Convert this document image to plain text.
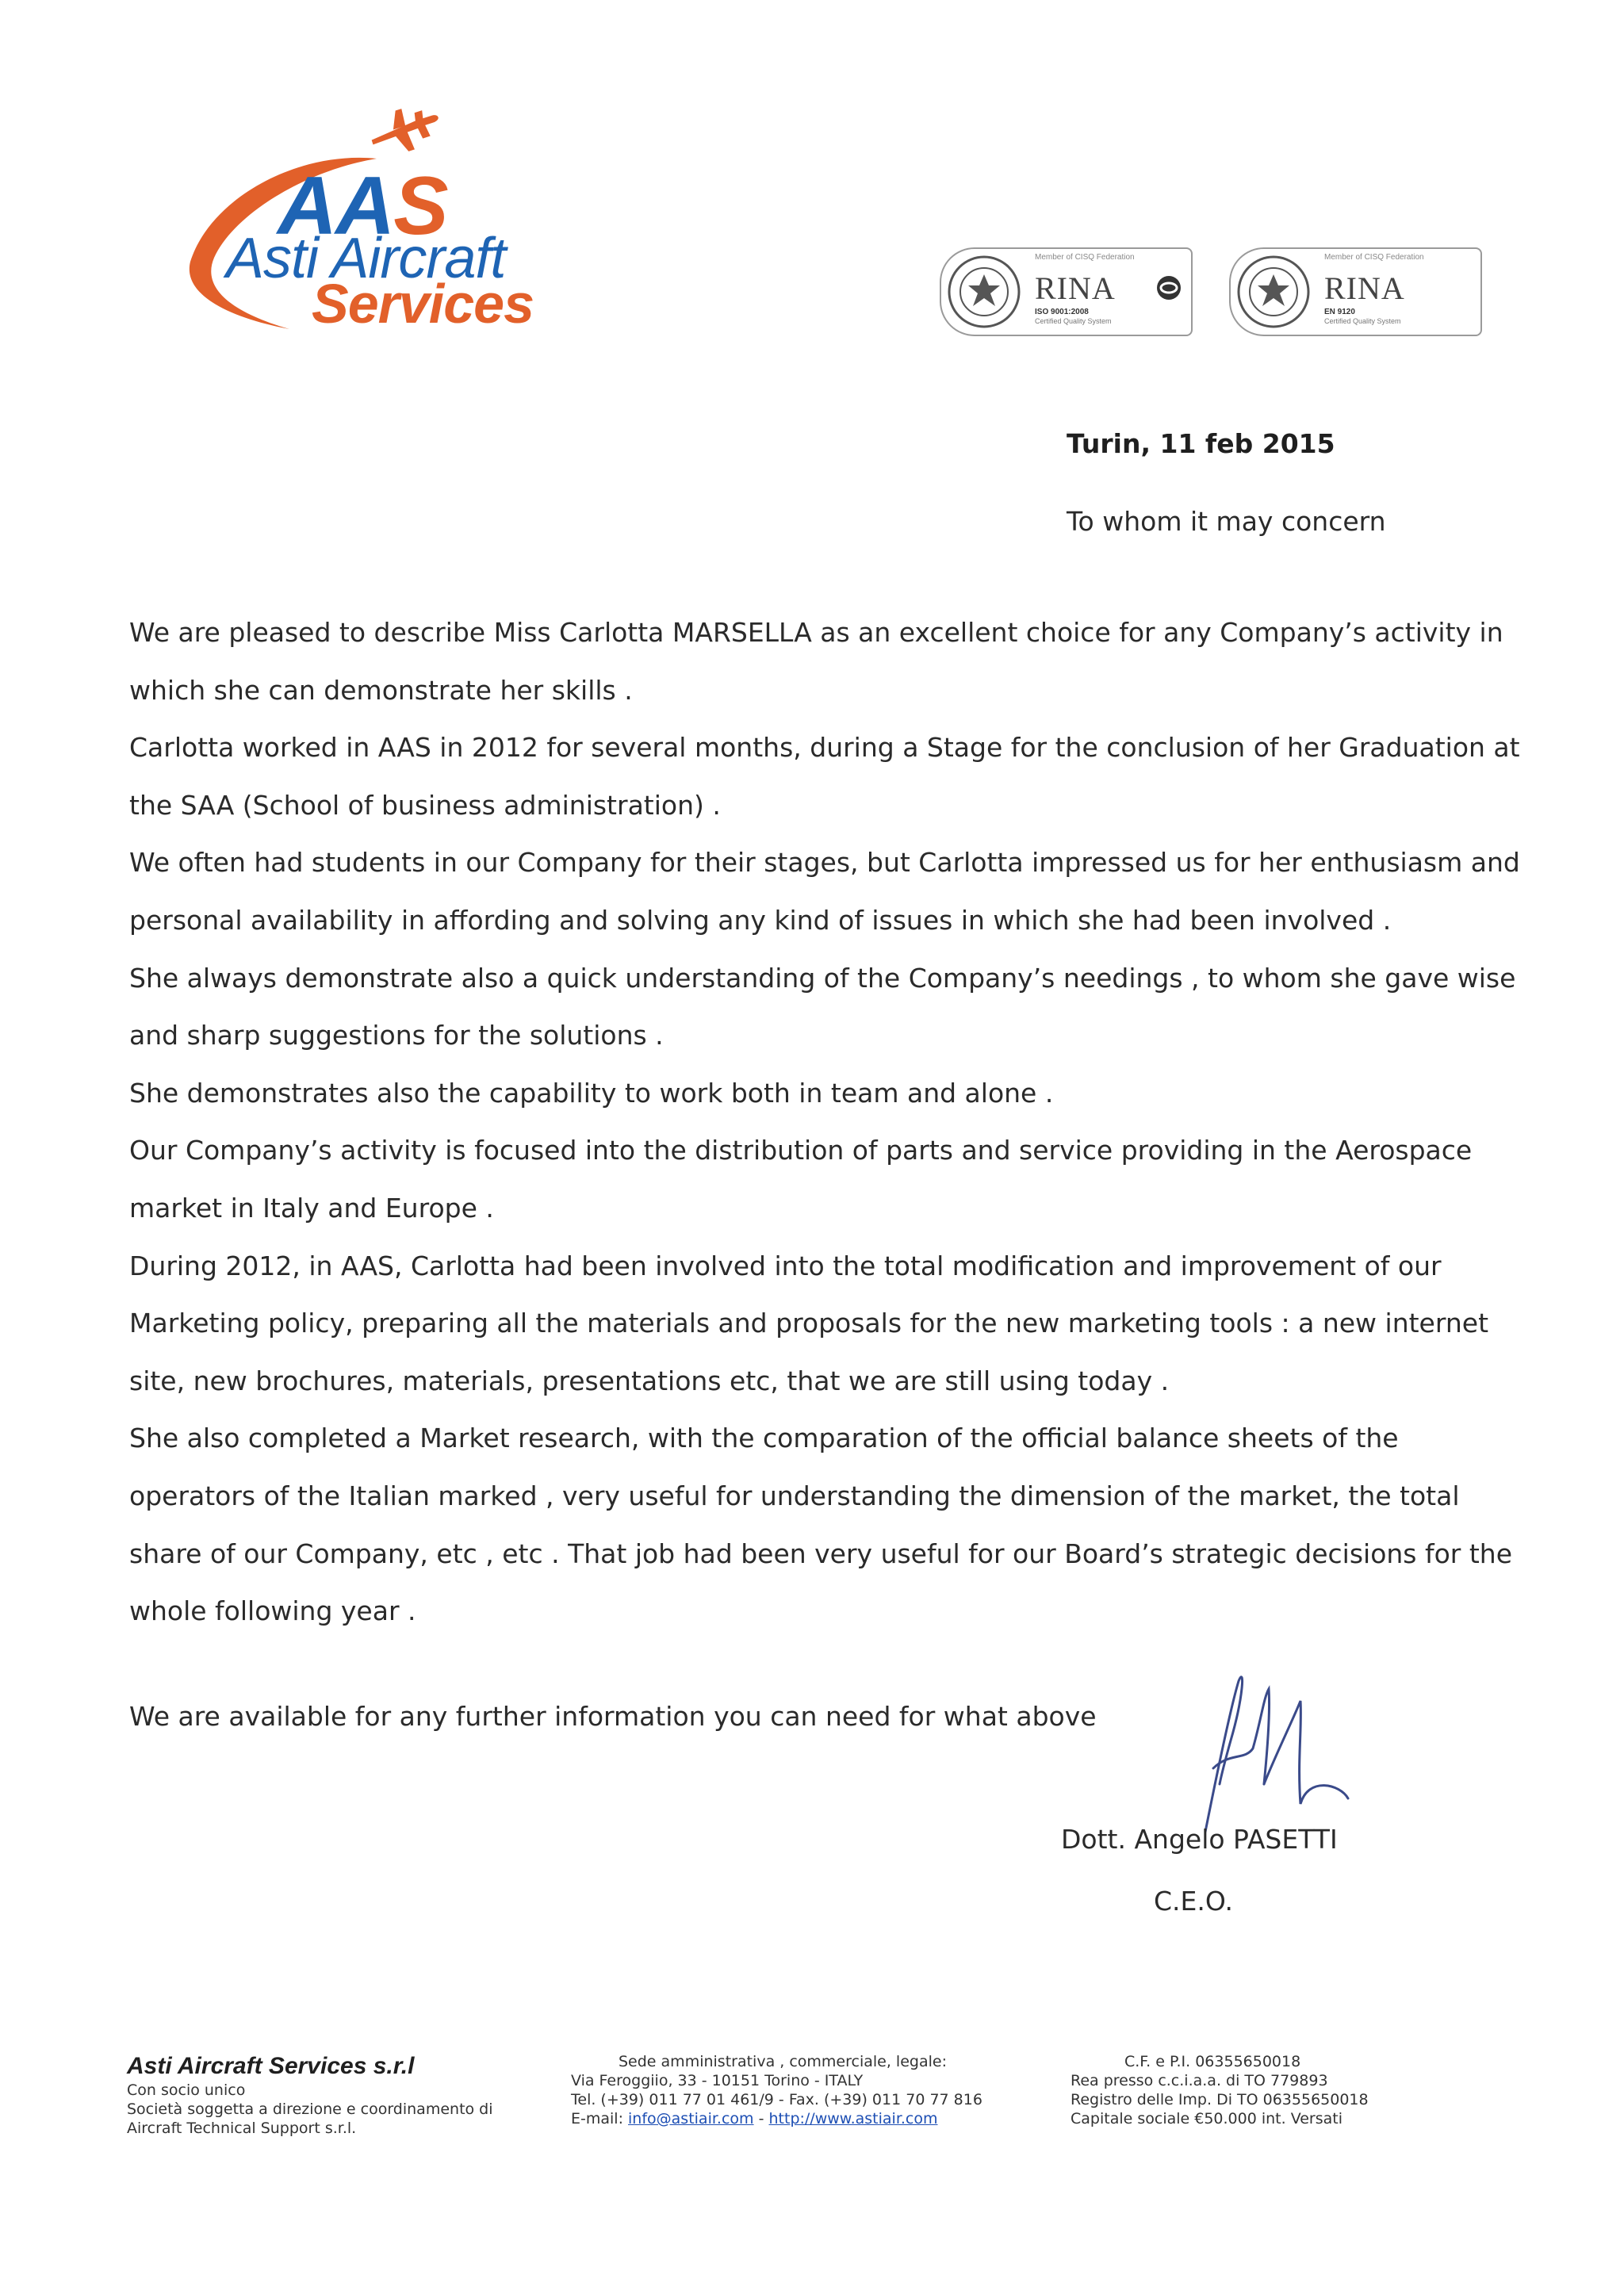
AAS
Asti Aircraft
Services
Member of CISQ Federation
RINA
ISO 9001:2008
Certified Quality System
Member of CISQ Federation
RINA
EN 9120
Certified Quality System
Turin, 11 feb 2015
To whom it may concern

We are pleased to describe Miss Carlotta MARSELLA as an excellent choice for any Company’s activity in which she can demonstrate her skills .

Carlotta worked in AAS in 2012 for several months, during a Stage for the conclusion of her Graduation at the SAA (School of business administration) .

We often had students in our Company for their stages, but Carlotta impressed us for her enthusiasm and personal availability in affording and solving any kind of issues in which she had been involved .

She always demonstrate also a quick understanding of the Company’s needings , to whom she gave wise and sharp suggestions for the solutions .

She demonstrates also the capability to work both in team and alone .

Our Company’s activity is focused into the distribution of parts and service providing in the Aerospace market in Italy and Europe .

During 2012, in AAS, Carlotta had been involved into the total modification and improvement of our Marketing policy, preparing all the materials and proposals for the new marketing tools : a new internet site, new brochures, materials, presentations etc, that we are still using today .

She also completed a Market research, with the comparation of the official balance sheets of the operators of the Italian marked , very useful for understanding the dimension of the market, the total share of our Company, etc , etc . That job had been very useful for our Board’s strategic decisions for the whole following year .

We are available for any further information you can need for what above
Dott. Angelo PASETTI
C.E.O.
Asti Aircraft Services s.r.l
Con socio unico
Società soggetta a direzione e coordinamento di
Aircraft Technical Support s.r.l.
Sede amministrativa , commerciale, legale:
Via Feroggiio, 33 - 10151 Torino - ITALY
Tel. (+39) 011 77 01 461/9 - Fax. (+39) 011 70 77 816
E-mail: info@astiair.com - http://www.astiair.com
C.F. e P.I. 06355650018
Rea presso c.c.i.a.a. di TO 779893
Registro delle Imp. Di TO 06355650018
Capitale sociale €50.000 int. Versati
